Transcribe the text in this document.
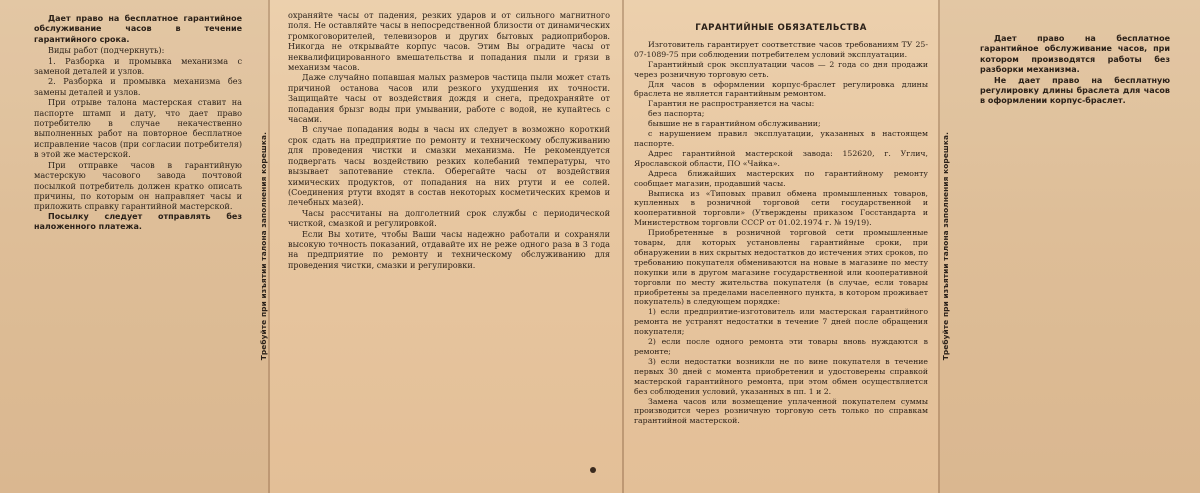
Дает право на бесплатное гарантийное обслуживание часов в течение гарантийного срока.

Виды работ (подчеркнуть):

1. Разборка и промывка механизма с заменой деталей и узлов.

2. Разборка и промывка механизма без замены деталей и узлов.

При отрыве талона мастерская ставит на паспорте штамп и дату, что дает право потребителю в случае некачественно выполненных работ на повторное бесплатное исправление часов (при согласии потребителя) в этой же мастерской.

При отправке часов в гарантийную мастерскую часового завода почтовой посылкой потребитель должен кратко описать причины, по которым он направляет часы и приложить справку гарантийной мастерской.

Посылку следует отправлять без наложенного платежа.	Требуйте при изъятии талона заполнения корешка.

охраняйте часы от падения, резких ударов и от сильного магнитного поля. Не оставляйте часы в непосредственной близости от динамических громкоговорителей, телевизоров и других бытовых радиоприборов. Никогда не открывайте корпус часов. Этим Вы оградите часы от неквалифицированного вмешательства и попадания пыли и грязи в механизм часов.

Даже случайно попавшая малых размеров частица пыли может стать причиной останова часов или резкого ухудшения их точности. Защищайте часы от воздействия дождя и снега, предохраняйте от попадания брызг воды при умывании, работе с водой, не купайтесь с часами.

В случае попадания воды в часы их следует в возможно короткий срок сдать на предприятие по ремонту и техническому обслуживанию для проведения чистки и смазки механизма. Не рекомендуется подвергать часы воздействию резких колебаний температуры, что вызывает запотевание стекла. Оберегайте часы от воздействия химических продуктов, от попадания на них ртути и ее солей. (Соединения ртути входят в состав некоторых косметических кремов и лечебных мазей).

Часы рассчитаны на долголетний срок службы с периодической чисткой, смазкой и регулировкой.

Если Вы хотите, чтобы Ваши часы надежно работали и сохраняли высокую точность показаний, отдавайте их не реже одного раза в 3 года на предприятие по ремонту и техническому обслуживанию для проведения чистки, смазки и регулировки.

ГАРАНТИЙНЫЕ ОБЯЗАТЕЛЬСТВА

Изготовитель гарантирует соответствие часов требованиям ТУ 25-07-1089-75 при соблюдении потребителем условий эксплуатации.

Гарантийный срок эксплуатации часов — 2 года со дня продажи через розничную торговую сеть.

Для часов в оформлении корпус-браслет регулировка длины браслета не является гарантийным ремонтом.

Гарантия не распространяется на часы:

без паспорта;

бывшие не в гарантийном обслуживании;

с нарушением правил эксплуатации, указанных в настоящем паспорте.

Адрес гарантийной мастерской завода: 152620, г. Углич, Ярославской области, ПО «Чайка».

Адреса ближайших мастерских по гарантийному ремонту сообщает магазин, продавший часы.

Выписка из «Типовых правил обмена промышленных товаров, купленных в розничной торговой сети государственной и кооперативной торговли» (Утверждены приказом Госстандарта и Министерством торговли СССР от 01.02.1974 г. № 19/19).

Приобретенные в розничной торговой сети промышленные товары, для которых установлены гарантийные сроки, при обнаружении в них скрытых недостатков до истечения этих сроков, по требованию покупателя обмениваются на новые в магазине по месту покупки или в другом магазине государственной или кооперативной торговли по месту жительства покупателя (в случае, если товары приобретены за пределами населенного пункта, в котором проживает покупатель) в следующем порядке:

1) если предприятие-изготовитель или мастерская гарантийного ремонта не устранят недостатки в течение 7 дней после обращения покупателя;

2) если после одного ремонта эти товары вновь нуждаются в ремонте;

3) если недостатки возникли не по вине покупателя в течение первых 30 дней с момента приобретения и удостоверены справкой мастерской гарантийного ремонта, при этом обмен осуществляется без соблюдения условий, указанных в пп. 1 и 2.

Замена часов или возмещение уплаченной покупателем суммы производится через розничную торговую сеть только по справкам гарантийной мастерской.

Требуйте при изъятии талона заполнения корешка.

Дает право на бесплатное гарантийное обслуживание часов, при котором производятся работы без разборки механизма.

Не дает право на бесплатную регулировку длины браслета для часов в оформлении корпус-браслет.
